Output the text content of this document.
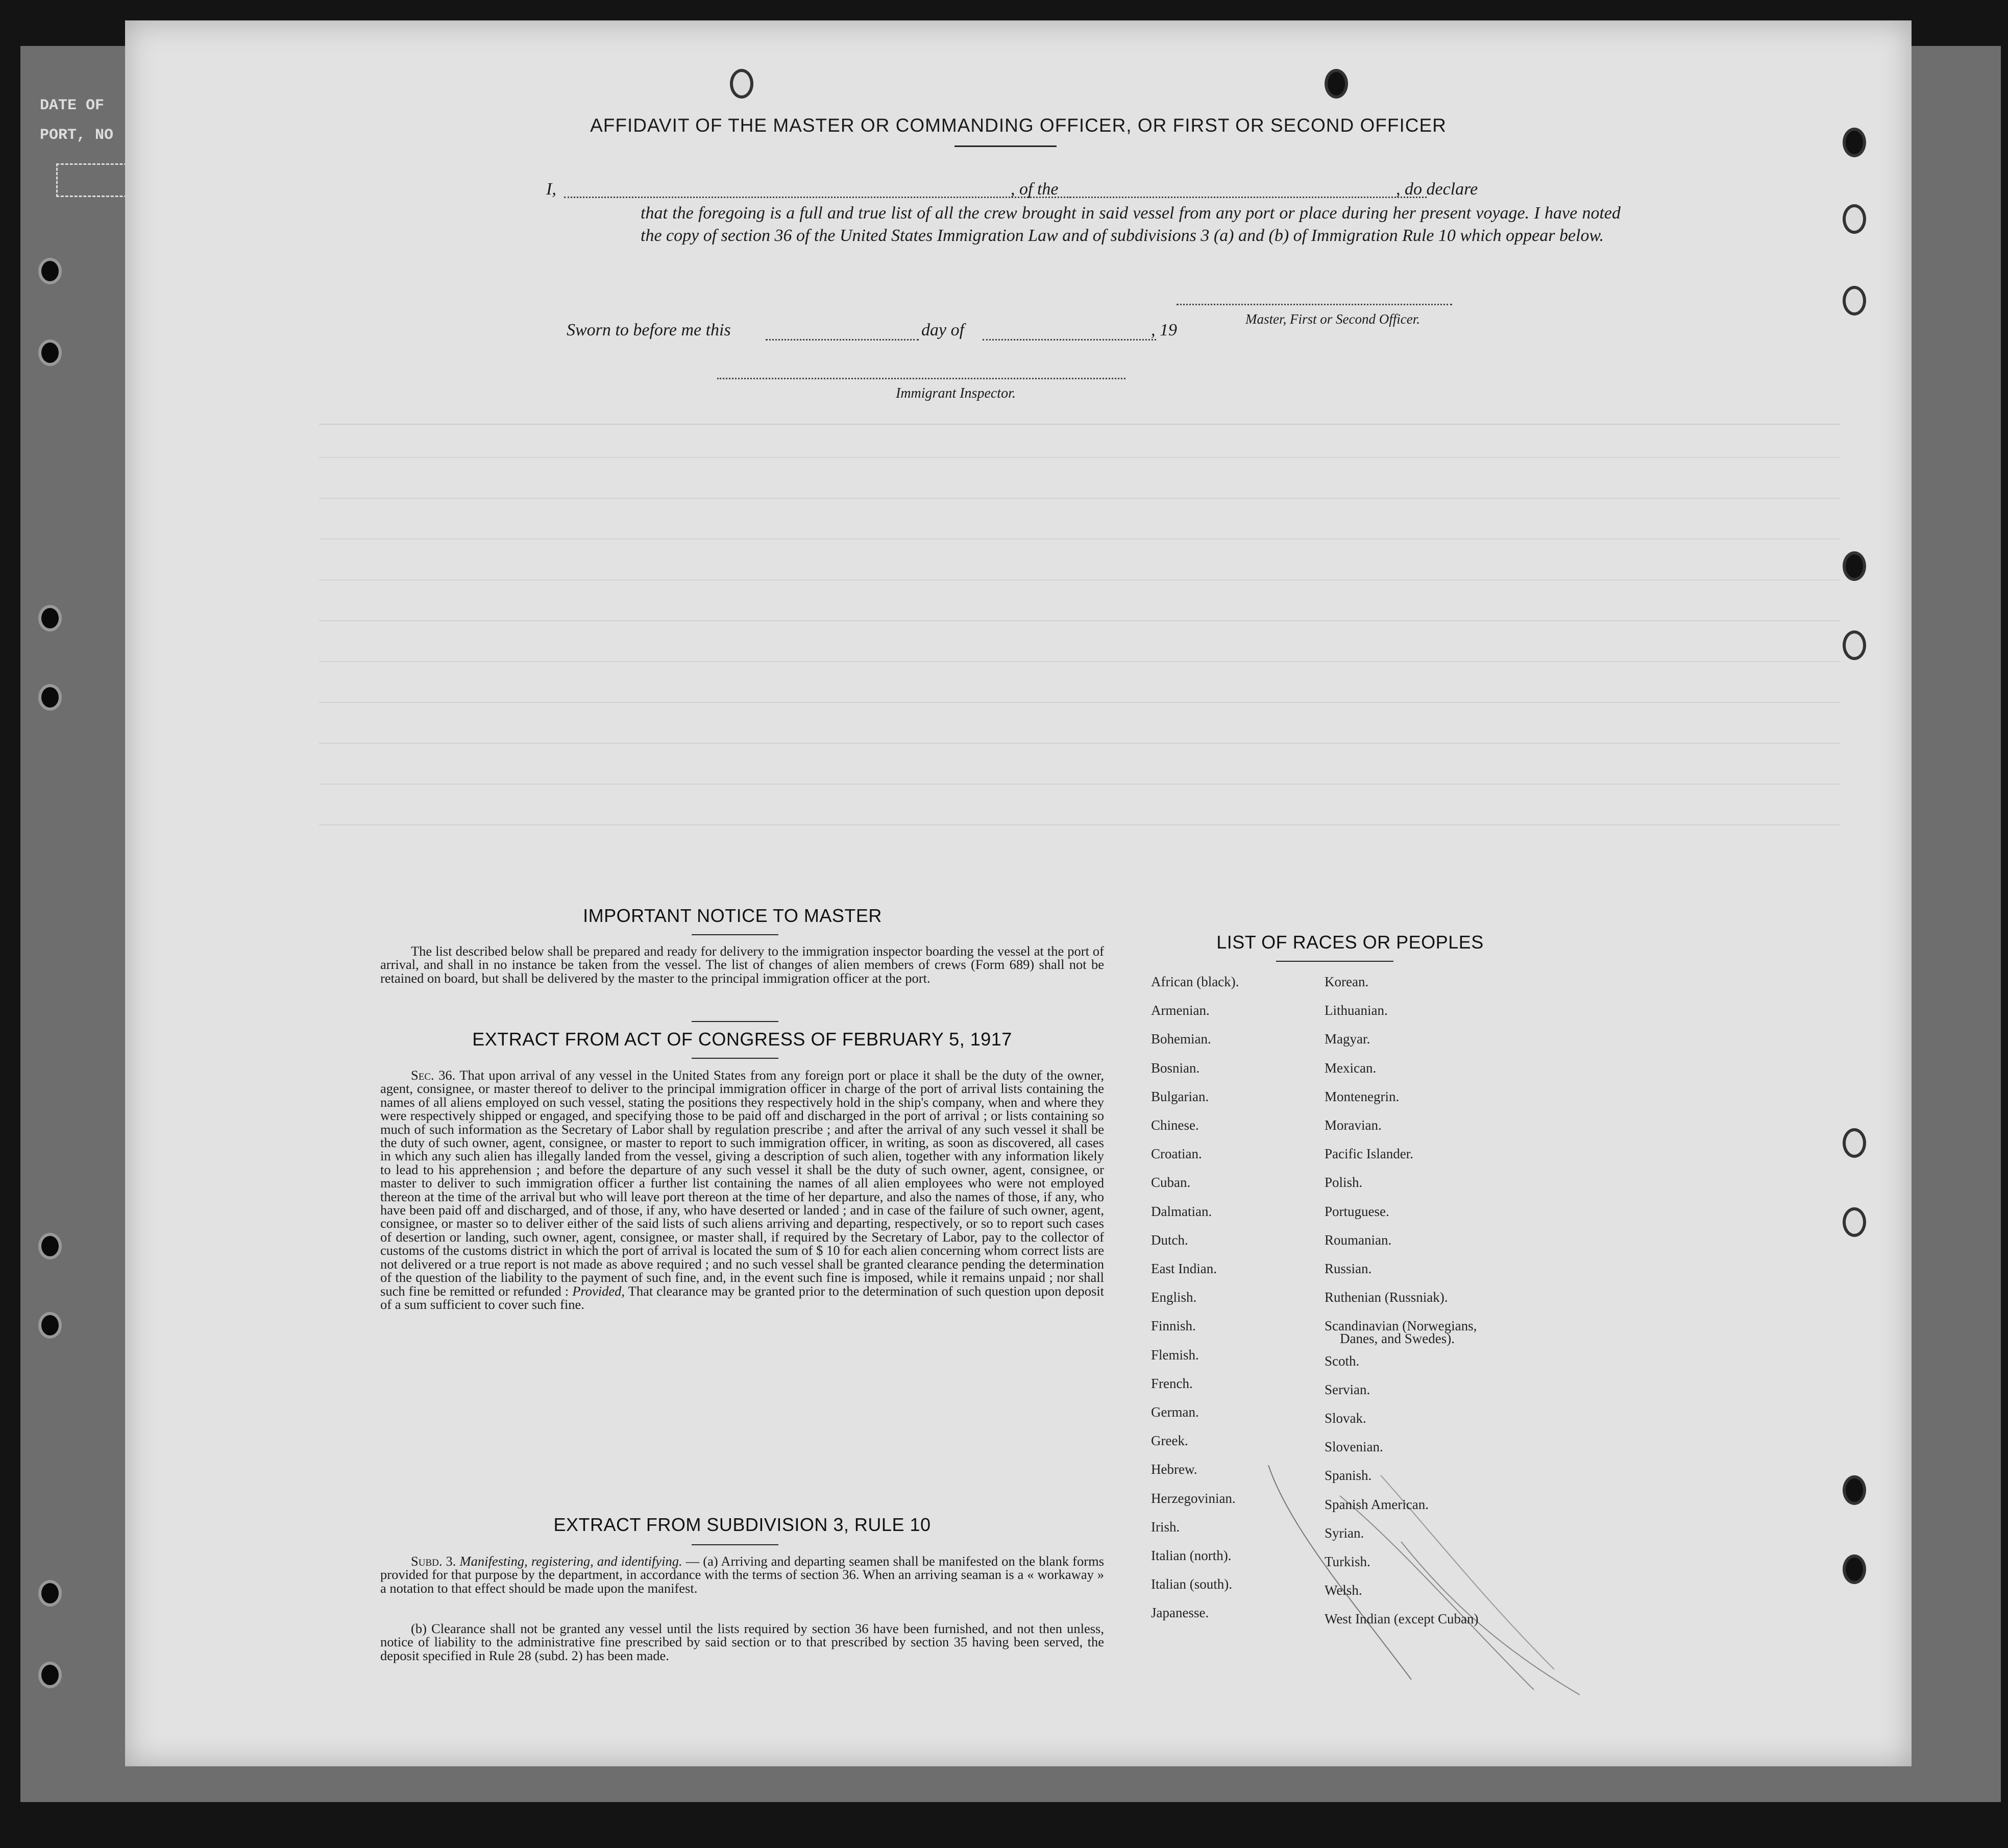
DATE OF
PORT, NO	AFFIDAVIT OF THE MASTER OR COMMANDING OFFICER, OR FIRST OR SECOND OFFICER
I,	, of the	, do declare
that the foregoing is a full and true list of all the crew brought in said vessel from any port or place during her present voyage. I have noted the copy of section 36 of the United States Immigration Law and of subdivisions 3 (a) and (b) of Immigration Rule 10 which oppear below.
Master, First or Second Officer.
Sworn to before me this	day of	, 19
Immigrant Inspector.
IMPORTANT NOTICE TO MASTER
The list described below shall be prepared and ready for delivery to the immigration inspector boarding the vessel at the port of arrival, and shall in no instance be taken from the vessel. The list of changes of alien members of crews (Form 689) shall not be retained on board, but shall be delivered by the master to the principal immigration officer at the port.
EXTRACT FROM ACT OF CONGRESS OF FEBRUARY 5, 1917
Sec. 36. That upon arrival of any vessel in the United States from any foreign port or place it shall be the duty of the owner, agent, consignee, or master thereof to deliver to the principal immigration officer in charge of the port of arrival lists containing the names of all aliens employed on such vessel, stating the positions they respectively hold in the ship's company, when and where they were respectively shipped or engaged, and specifying those to be paid off and discharged in the port of arrival ; or lists containing so much of such information as the Secretary of Labor shall by regulation prescribe ; and after the arrival of any such vessel it shall be the duty of such owner, agent, consignee, or master to report to such immigration officer, in writing, as soon as discovered, all cases in which any such alien has illegally landed from the vessel, giving a description of such alien, together with any information likely to lead to his apprehension ; and before the departure of any such vessel it shall be the duty of such owner, agent, consignee, or master to deliver to such immigration officer a further list containing the names of all alien employees who were not employed thereon at the time of the arrival but who will leave port thereon at the time of her departure, and also the names of those, if any, who have been paid off and discharged, and of those, if any, who have deserted or landed ; and in case of the failure of such owner, agent, consignee, or master so to deliver either of the said lists of such aliens arriving and departing, respectively, or so to report such cases of desertion or landing, such owner, agent, consignee, or master shall, if required by the Secretary of Labor, pay to the collector of customs of the customs district in which the port of arrival is located the sum of $ 10 for each alien concerning whom correct lists are not delivered or a true report is not made as above required ; and no such vessel shall be granted clearance pending the determination of the question of the liability to the payment of such fine, and, in the event such fine is imposed, while it remains unpaid ; nor shall such fine be remitted or refunded : Provided, That clearance may be granted prior to the determination of such question upon deposit of a sum sufficient to cover such fine.
EXTRACT FROM SUBDIVISION 3, RULE 10
Subd. 3. Manifesting, registering, and identifying. — (a) Arriving and departing seamen shall be manifested on the blank forms provided for that purpose by the department, in accordance with the terms of section 36. When an arriving seaman is a « workaway » a notation to that effect should be made upon the manifest.
(b) Clearance shall not be granted any vessel until the lists required by section 36 have been furnished, and not then unless, notice of liability to the administrative fine prescribed by said section or to that prescribed by section 35 having been served, the deposit specified in Rule 28 (subd. 2) has been made.
LIST OF RACES OR PEOPLES
African (black).
Armenian.
Bohemian.
Bosnian.
Bulgarian.
Chinese.
Croatian.
Cuban.
Dalmatian.
Dutch.
East Indian.
English.
Finnish.
Flemish.
French.
German.
Greek.
Hebrew.
Herzegovinian.
Irish.
Italian (north).
Italian (south).
Japanesse.
Korean.
Lithuanian.
Magyar.
Mexican.
Montenegrin.
Moravian.
Pacific Islander.
Polish.
Portuguese.
Roumanian.
Russian.
Ruthenian (Russniak).
Scandinavian (Norwegians,
Danes, and Swedes).
Scoth.
Servian.
Slovak.
Slovenian.
Spanish.
Spanish American.
Syrian.
Turkish.
Welsh.
West Indian (except Cuban)
